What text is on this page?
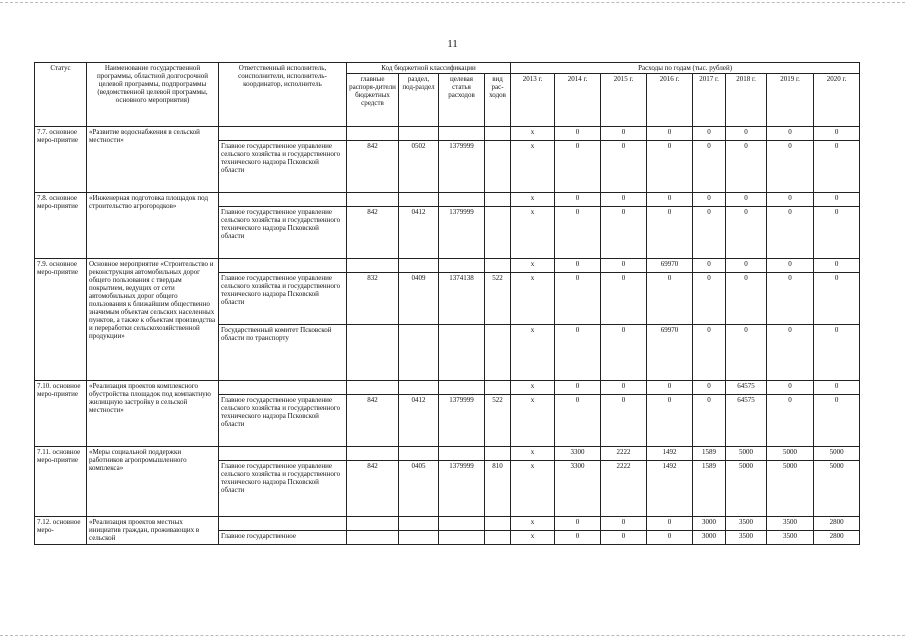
11
Статус	Наименование государственной программы, областной долгосрочной целевой программы, подпрограммы (ведомственной целевой программы, основного мероприятия)	Ответственный исполнитель, соисполнители, исполнитель-координатор, исполнитель	Код бюджетной классификации				Расходы по годам (тыс. рублей)							
			главные распоря-дители бюджетных средств	раздел, под-раздел	целевая статья расходов	вид рас-ходов	2013 г.	2014 г.	2015 г.	2016 г.	2017 г.	2018 г.	2019 г.	2020 г.
7.7. основное меро-приятие	«Развитие водоснабжения в сельской местности»						x	0	0	0	0	0	0	0
		Главное государственное управление сельского хозяйства и государственного технического надзора Псковской области	842	0502	1379999		x	0	0	0	0	0	0	0
7.8. основное меро-приятие	«Инженерная подготовка площадок под строительство агрогородков»						x	0	0	0	0	0	0	0
		Главное государственное управление сельского хозяйства и государственного технического надзора Псковской области	842	0412	1379999		x	0	0	0	0	0	0	0
7.9. основное меро-приятие	Основное мероприятие «Строительство и реконструкция автомобильных дорог общего пользования с твердым покрытием, ведущих от сети автомобильных дорог общего пользования к ближайшим общественно значимым объектам сельских населенных пунктов, а также к объектам производства и переработки сельскохозяйственной продукции»						x	0	0	69970	0	0	0	0
		Главное государственное управление сельского хозяйства и государственного технического надзора Псковской области	832	0409	1374138	522	x	0	0	0	0	0	0	0
		Государственный комитет Псковской области по транспорту					x	0	0	69970	0	0	0	0
7.10. основное меро-приятие	«Реализация проектов комплексного обустройства площадок под компактную жилищную застройку в сельской местности»						x	0	0	0	0	64575	0	0
		Главное государственное управление сельского хозяйства и государственного технического надзора Псковской области	842	0412	1379999	522	x	0	0	0	0	64575	0	0
7.11. основное меро-приятие	«Меры социальной поддержки работников агропромышленного комплекса»						x	3300	2222	1492	1589	5000	5000	5000
		Главное государственное управление сельского хозяйства и государственного технического надзора Псковской области	842	0405	1379999	810	x	3300	2222	1492	1589	5000	5000	5000
7.12. основное меро-	«Реализация проектов местных инициатив граждан, проживающих в сельской						x	0	0	0	3000	3500	3500	2800
		Главное государственное					x	0	0	0	3000	3500	3500	2800
